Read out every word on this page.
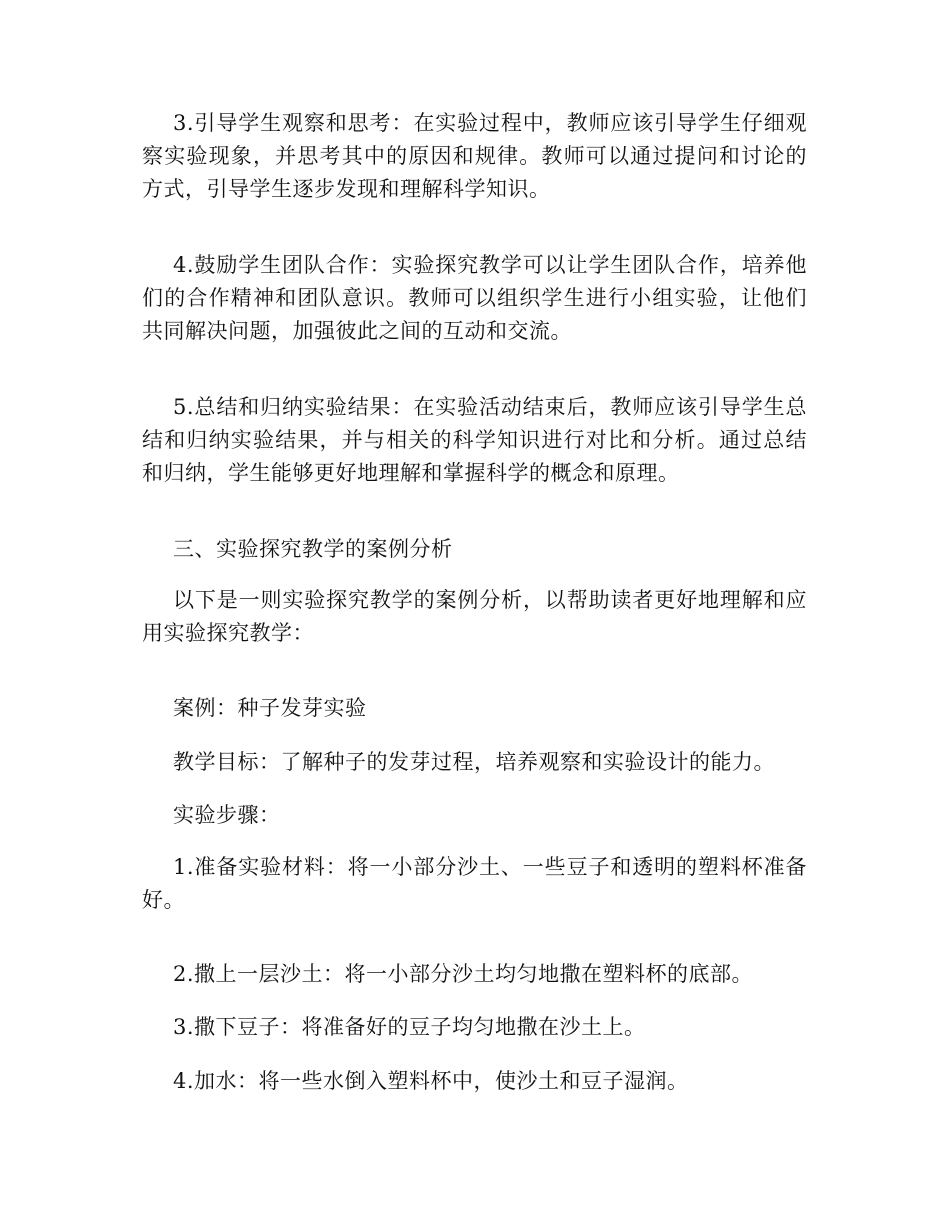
3.引导学生观察和思考：在实验过程中，教师应该引导学生仔细观察实验现象，并思考其中的原因和规律。教师可以通过提问和讨论的方式，引导学生逐步发现和理解科学知识。

4.鼓励学生团队合作：实验探究教学可以让学生团队合作，培养他们的合作精神和团队意识。教师可以组织学生进行小组实验，让他们共同解决问题，加强彼此之间的互动和交流。

5.总结和归纳实验结果：在实验活动结束后，教师应该引导学生总结和归纳实验结果，并与相关的科学知识进行对比和分析。通过总结和归纳，学生能够更好地理解和掌握科学的概念和原理。

三、实验探究教学的案例分析

以下是一则实验探究教学的案例分析，以帮助读者更好地理解和应用实验探究教学：

案例：种子发芽实验

教学目标：了解种子的发芽过程，培养观察和实验设计的能力。

实验步骤：

1.准备实验材料：将一小部分沙土、一些豆子和透明的塑料杯准备好。

2.撒上一层沙土：将一小部分沙土均匀地撒在塑料杯的底部。

3.撒下豆子：将准备好的豆子均匀地撒在沙土上。

4.加水：将一些水倒入塑料杯中，使沙土和豆子湿润。
